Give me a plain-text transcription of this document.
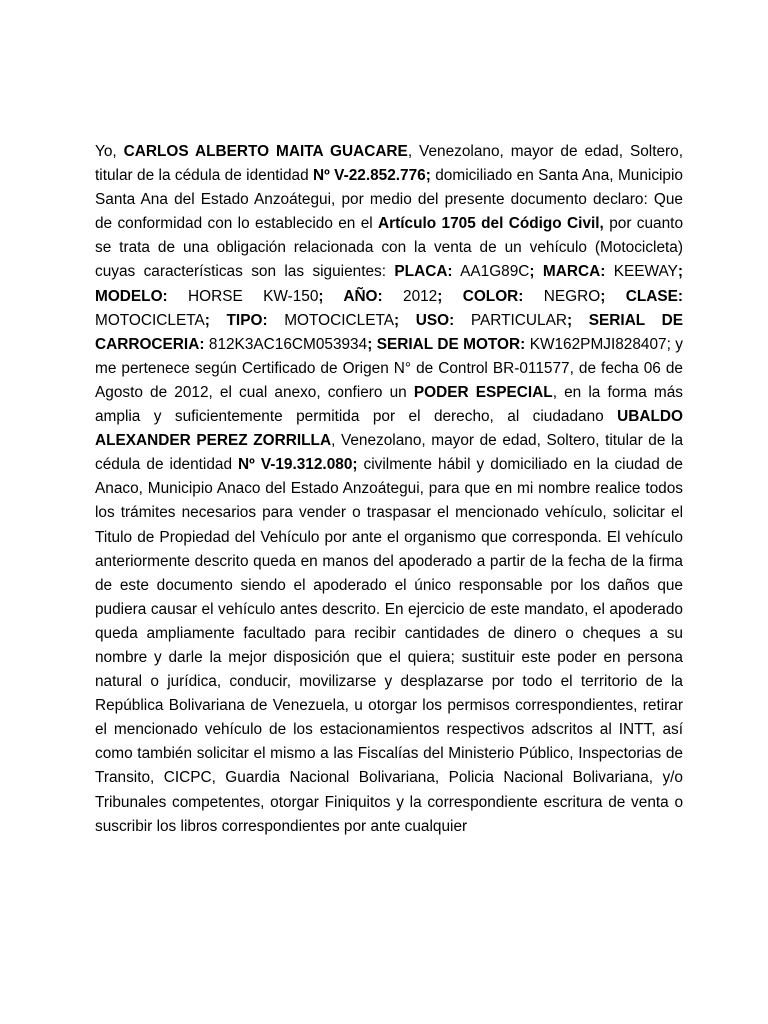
Yo, CARLOS ALBERTO MAITA GUACARE, Venezolano, mayor de edad, Soltero, titular de la cédula de identidad Nº V-22.852.776; domiciliado en Santa Ana, Municipio Santa Ana del Estado Anzoátegui, por medio del presente documento declaro: Que de conformidad con lo establecido en el Artículo 1705 del Código Civil, por cuanto se trata de una obligación relacionada con la venta de un vehículo (Motocicleta) cuyas características son las siguientes: PLACA: AA1G89C; MARCA: KEEWAY; MODELO: HORSE KW-150; AÑO: 2012; COLOR: NEGRO; CLASE: MOTOCICLETA; TIPO: MOTOCICLETA; USO: PARTICULAR; SERIAL DE CARROCERIA: 812K3AC16CM053934; SERIAL DE MOTOR: KW162PMJI828407; y me pertenece según Certificado de Origen N° de Control BR-011577, de fecha 06 de Agosto de 2012, el cual anexo, confiero un PODER ESPECIAL, en la forma más amplia y suficientemente permitida por el derecho, al ciudadano UBALDO ALEXANDER PEREZ ZORRILLA, Venezolano, mayor de edad, Soltero, titular de la cédula de identidad Nº V-19.312.080; civilmente hábil y domiciliado en la ciudad de Anaco, Municipio Anaco del Estado Anzoátegui, para que en mi nombre realice todos los trámites necesarios para vender o traspasar el mencionado vehículo, solicitar el Titulo de Propiedad del Vehículo por ante el organismo que corresponda. El vehículo anteriormente descrito queda en manos del apoderado a partir de la fecha de la firma de este documento siendo el apoderado el único responsable por los daños que pudiera causar el vehículo antes descrito. En ejercicio de este mandato, el apoderado queda ampliamente facultado para recibir cantidades de dinero o cheques a su nombre y darle la mejor disposición que el quiera; sustituir este poder en persona natural o jurídica, conducir, movilizarse y desplazarse por todo el territorio de la República Bolivariana de Venezuela, u otorgar los permisos correspondientes, retirar el mencionado vehículo de los estacionamientos respectivos adscritos al INTT, así como también solicitar el mismo a las Fiscalías del Ministerio Público, Inspectorias de Transito, CICPC, Guardia Nacional Bolivariana, Policia Nacional Bolivariana, y/o Tribunales competentes, otorgar Finiquitos y la correspondiente escritura de venta o suscribir los libros correspondientes por ante cualquier
